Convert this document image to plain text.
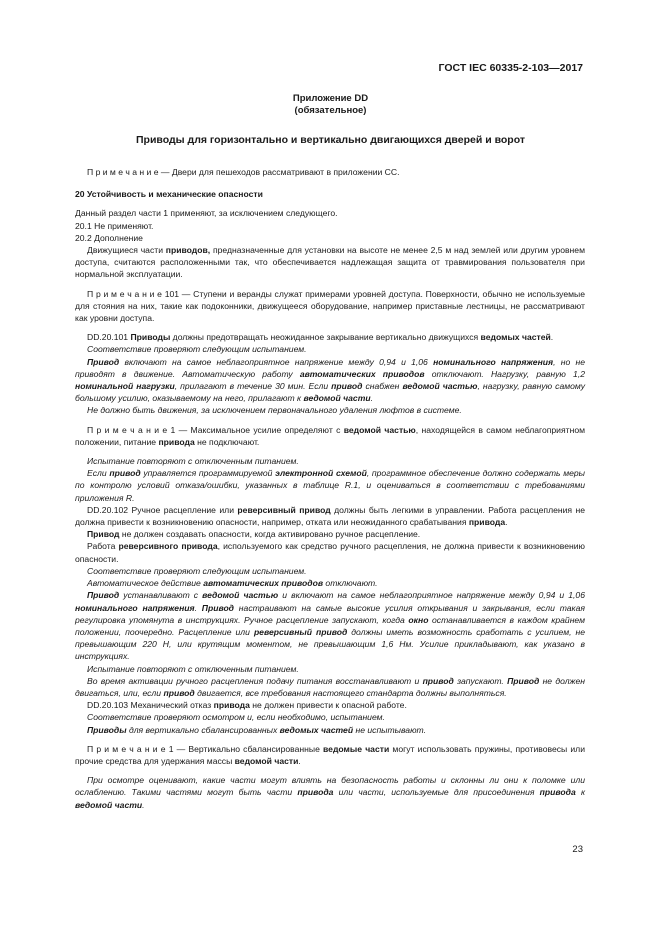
ГОСТ IEC 60335-2-103—2017
Приложение DD
(обязательное)
Приводы для горизонтально и вертикально двигающихся дверей и ворот

П р и м е ч а н и е — Двери для пешеходов рассматривают в приложении СС.

20 Устойчивость и механические опасности

Данный раздел части 1 применяют, за исключением следующего.

20.1 Не применяют.

20.2 Дополнение

Движущиеся части приводов, предназначенные для установки на высоте не менее 2,5 м над землей или другим уровнем доступа, считаются расположенными так, что обеспечивается надлежащая защита от травмирования пользователя при нормальной эксплуатации.

П р и м е ч а н и е 101 — Ступени и веранды служат примерами уровней доступа. Поверхности, обычно не используемые для стояния на них, такие как подоконники, движущееся оборудование, например приставные лестницы, не рассматривают как уровни доступа.

DD.20.101 Приводы должны предотвращать неожиданное закрывание вертикально движущихся ведомых частей.

Соответствие проверяют следующим испытанием.

Привод включают на самое неблагоприятное напряжение между 0,94 и 1,06 номинального напряжения, но не приводят в движение. Автоматическую работу автоматических приводов отключают. Нагрузку, равную 1,2 номинальной нагрузки, прилагают в течение 30 мин. Если привод снабжен ведомой частью, нагрузку, равную самому большому усилию, оказываемому на него, прилагают к ведомой части.

Не должно быть движения, за исключением первоначального удаления люфтов в системе.

П р и м е ч а н и е 1 — Максимальное усилие определяют с ведомой частью, находящейся в самом неблагоприятном положении, питание привода не подключают.

Испытание повторяют с отключенным питанием.

Если привод управляется программируемой электронной схемой, программное обеспечение должно содержать меры по контролю условий отказа/ошибки, указанных в таблице R.1, и оцениваться в соответствии с требованиями приложения R.

DD.20.102 Ручное расцепление или реверсивный привод должны быть легкими в управлении. Работа расцепления не должна привести к возникновению опасности, например, отката или неожиданного срабатывания привода.

Привод не должен создавать опасности, когда активировано ручное расцепление.

Работа реверсивного привода, используемого как средство ручного расцепления, не должна привести к возникновению опасности.

Соответствие проверяют следующим испытанием.

Автоматическое действие автоматических приводов отключают.

Привод устанавливают с ведомой частью и включают на самое неблагоприятное напряжение между 0,94 и 1,06 номинального напряжения. Привод настраивают на самые высокие усилия открывания и закрывания, если такая регулировка упомянута в инструкциях. Ручное расцепление запускают, когда окно останавливается в каждом крайнем положении, поочередно. Расцепление или реверсивный привод должны иметь возможность сработать с усилием, не превышающим 220 Н, или крутящим моментом, не превышающим 1,6 Нм. Усилие прикладывают, как указано в инструкциях.

Испытание повторяют с отключенным питанием.

Во время активации ручного расцепления подачу питания восстанавливают и привод запускают. Привод не должен двигаться, или, если привод двигается, все требования настоящего стандарта должны выполняться.

DD.20.103 Механический отказ привода не должен привести к опасной работе.

Соответствие проверяют осмотром и, если необходимо, испытанием.

Приводы для вертикально сбалансированных ведомых частей не испытывают.

П р и м е ч а н и е 1 — Вертикально сбалансированные ведомые части могут использовать пружины, противовесы или прочие средства для удержания массы ведомой части.

При осмотре оценивают, какие части могут влиять на безопасность работы и склонны ли они к поломке или ослаблению. Такими частями могут быть части привода или части, используемые для присоединения привода к ведомой части.

23
